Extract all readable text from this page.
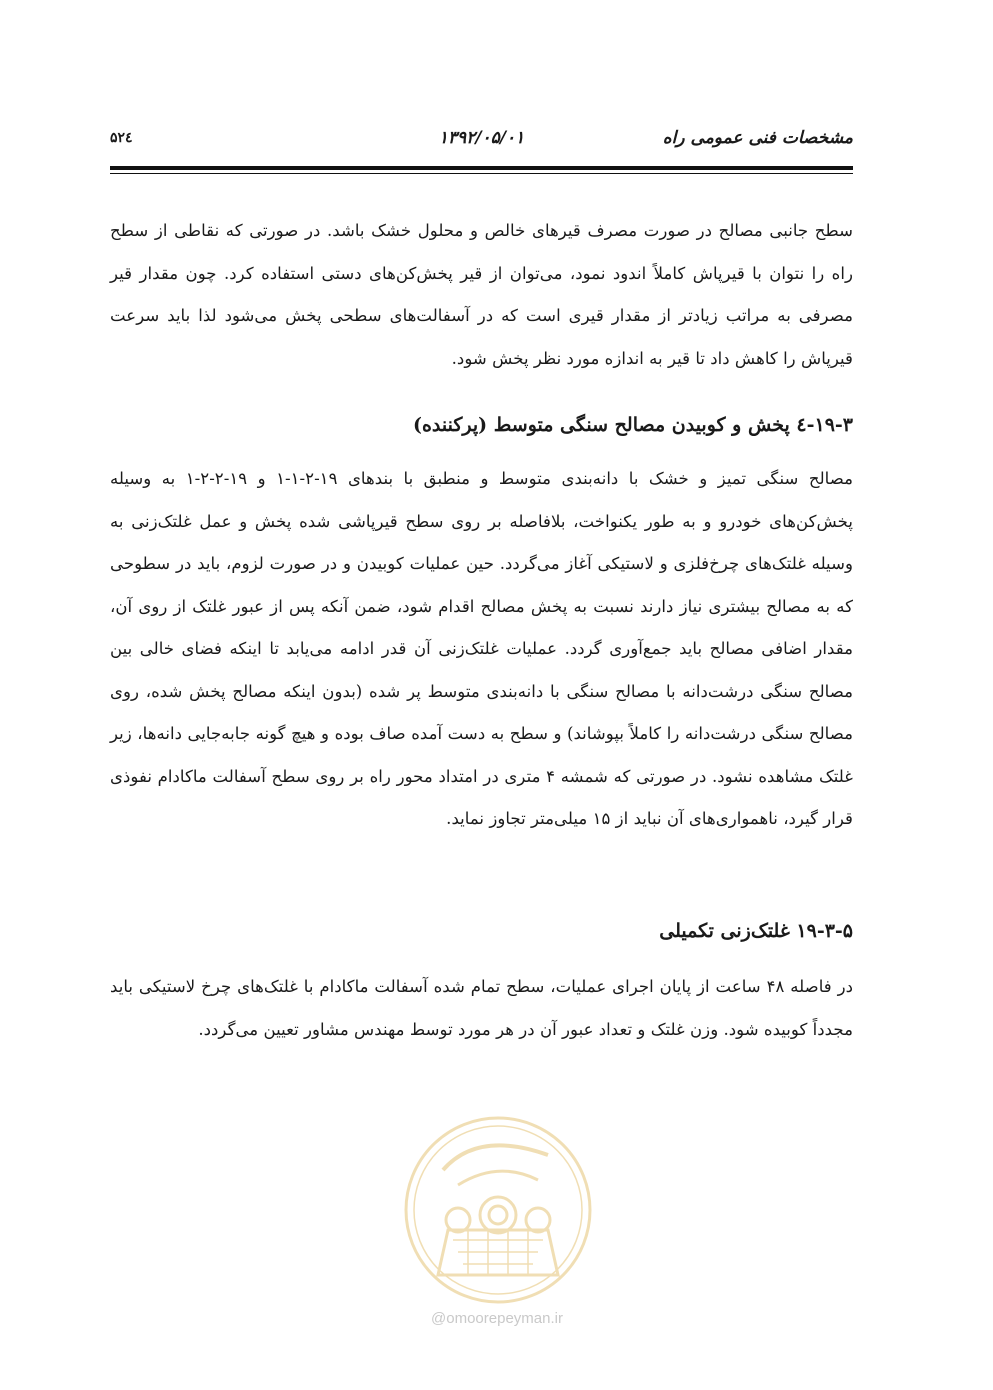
مشخصات فنی عمومی راه
۱۳۹۲/۰۵/۰۱
۵۲٤

سطح جانبی مصالح در صورت مصرف قیرهای خالص و محلول خشک باشد. در صورتی که نقاطی از سطح راه را نتوان با قیرپاش کاملاً اندود نمود، می‌توان از قیر پخش‌کن‌های دستی استفاده کرد. چون مقدار قیر مصرفی به مراتب زیادتر از مقدار قیری است که در آسفالت‌های سطحی پخش می‌شود لذا باید سرعت قیرپاش را کاهش داد تا قیر به اندازه مورد نظر پخش شود.

۱۹-۳-٤ پخش و کوبیدن مصالح سنگی متوسط (پرکننده)

مصالح سنگی تمیز و خشک با دانه‌بندی متوسط و منطبق با بندهای ۱۹-۲-۱-۱ و ۱۹-۲-۲-۱ به وسیله پخش‌کن‌های خودرو و به طور یکنواخت، بلافاصله بر روی سطح قیرپاشی شده پخش و عمل غلتک‌زنی به وسیله غلتک‌های چرخ‌فلزی و لاستیکی آغاز می‌گردد. حین عملیات کوبیدن و در صورت لزوم، باید در سطوحی که به مصالح بیشتری نیاز دارند نسبت به پخش مصالح اقدام شود، ضمن آنکه پس از عبور غلتک از روی آن، مقدار اضافی مصالح باید جمع‌آوری گردد. عملیات غلتک‌زنی آن قدر ادامه می‌یابد تا اینکه فضای خالی بین مصالح سنگی درشت‌دانه با مصالح سنگی با دانه‌بندی متوسط پر شده (بدون اینکه مصالح پخش شده، روی مصالح سنگی درشت‌دانه را کاملاً بپوشاند) و سطح به دست آمده صاف بوده و هیچ گونه جابه‌جایی دانه‌ها، زیر غلتک مشاهده نشود. در صورتی که شمشه ۴ متری در امتداد محور راه بر روی سطح آسفالت ماکادام نفوذی قرار گیرد، ناهمواری‌های آن نباید از ۱۵ میلی‌متر تجاوز نماید.

۱۹-۳-۵ غلتک‌زنی تکمیلی

در فاصله ۴۸ ساعت از پایان اجرای عملیات، سطح تمام شده آسفالت ماکادام با غلتک‌های چرخ لاستیکی باید مجدداً کوبیده شود. وزن غلتک و تعداد عبور آن در هر مورد توسط مهندس مشاور تعیین می‌گردد.

@omoorepeyman.ir
